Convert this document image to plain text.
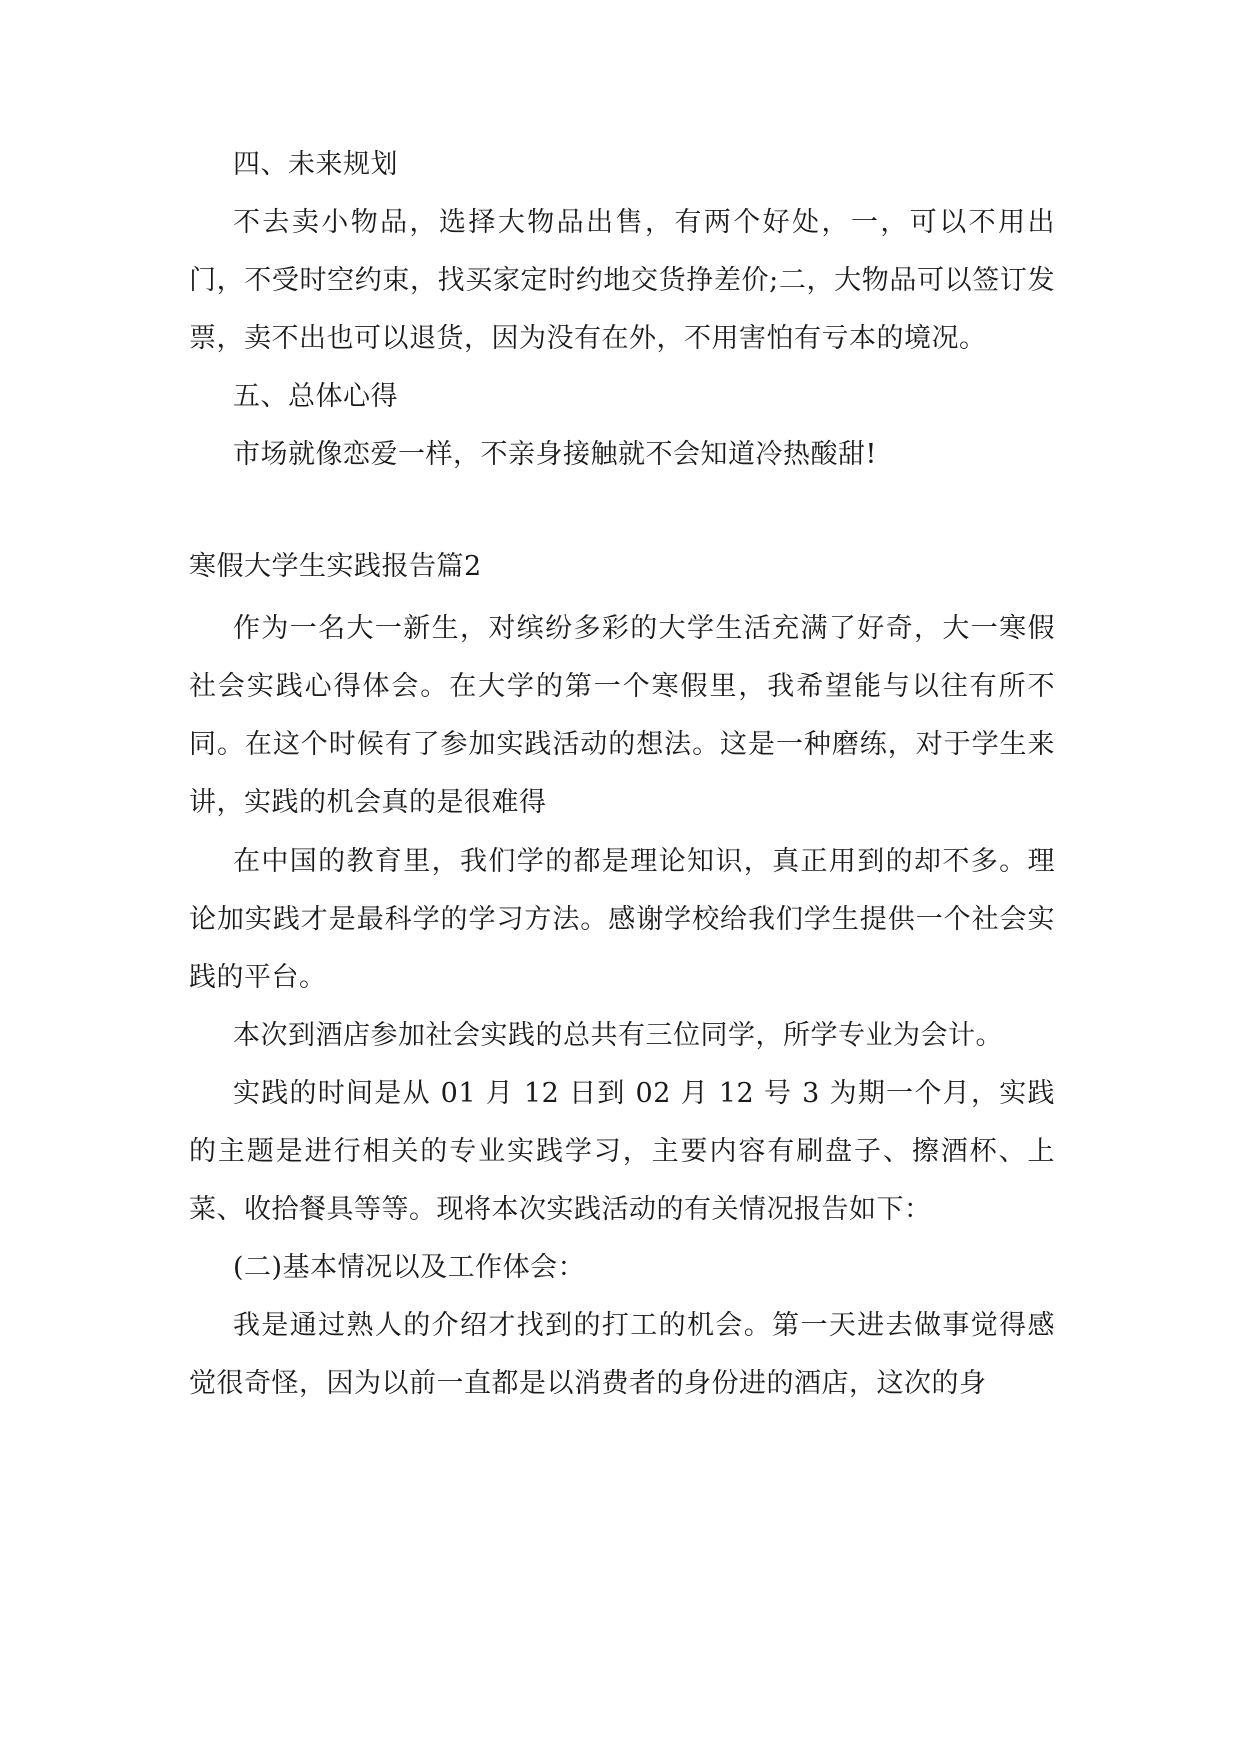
四、未来规划

不去卖小物品，选择大物品出售，有两个好处，一，可以不用出门，不受时空约束，找买家定时约地交货挣差价;二，大物品可以签订发票，卖不出也可以退货，因为没有在外，不用害怕有亏本的境况。

五、总体心得

市场就像恋爱一样，不亲身接触就不会知道冷热酸甜!

寒假大学生实践报告篇2

作为一名大一新生，对缤纷多彩的大学生活充满了好奇，大一寒假社会实践心得体会。在大学的第一个寒假里，我希望能与以往有所不同。在这个时候有了参加实践活动的想法。这是一种磨练，对于学生来讲，实践的机会真的是很难得

在中国的教育里，我们学的都是理论知识，真正用到的却不多。理论加实践才是最科学的学习方法。感谢学校给我们学生提供一个社会实践的平台。

本次到酒店参加社会实践的总共有三位同学，所学专业为会计。

实践的时间是从 01 月 12 日到 02 月 12 号 3 为期一个月，实践的主题是进行相关的专业实践学习，主要内容有刷盘子、擦酒杯、上菜、收拾餐具等等。现将本次实践活动的有关情况报告如下：

(二)基本情况以及工作体会：

我是通过熟人的介绍才找到的打工的机会。第一天进去做事觉得感觉很奇怪，因为以前一直都是以消费者的身份进的酒店，这次的身
